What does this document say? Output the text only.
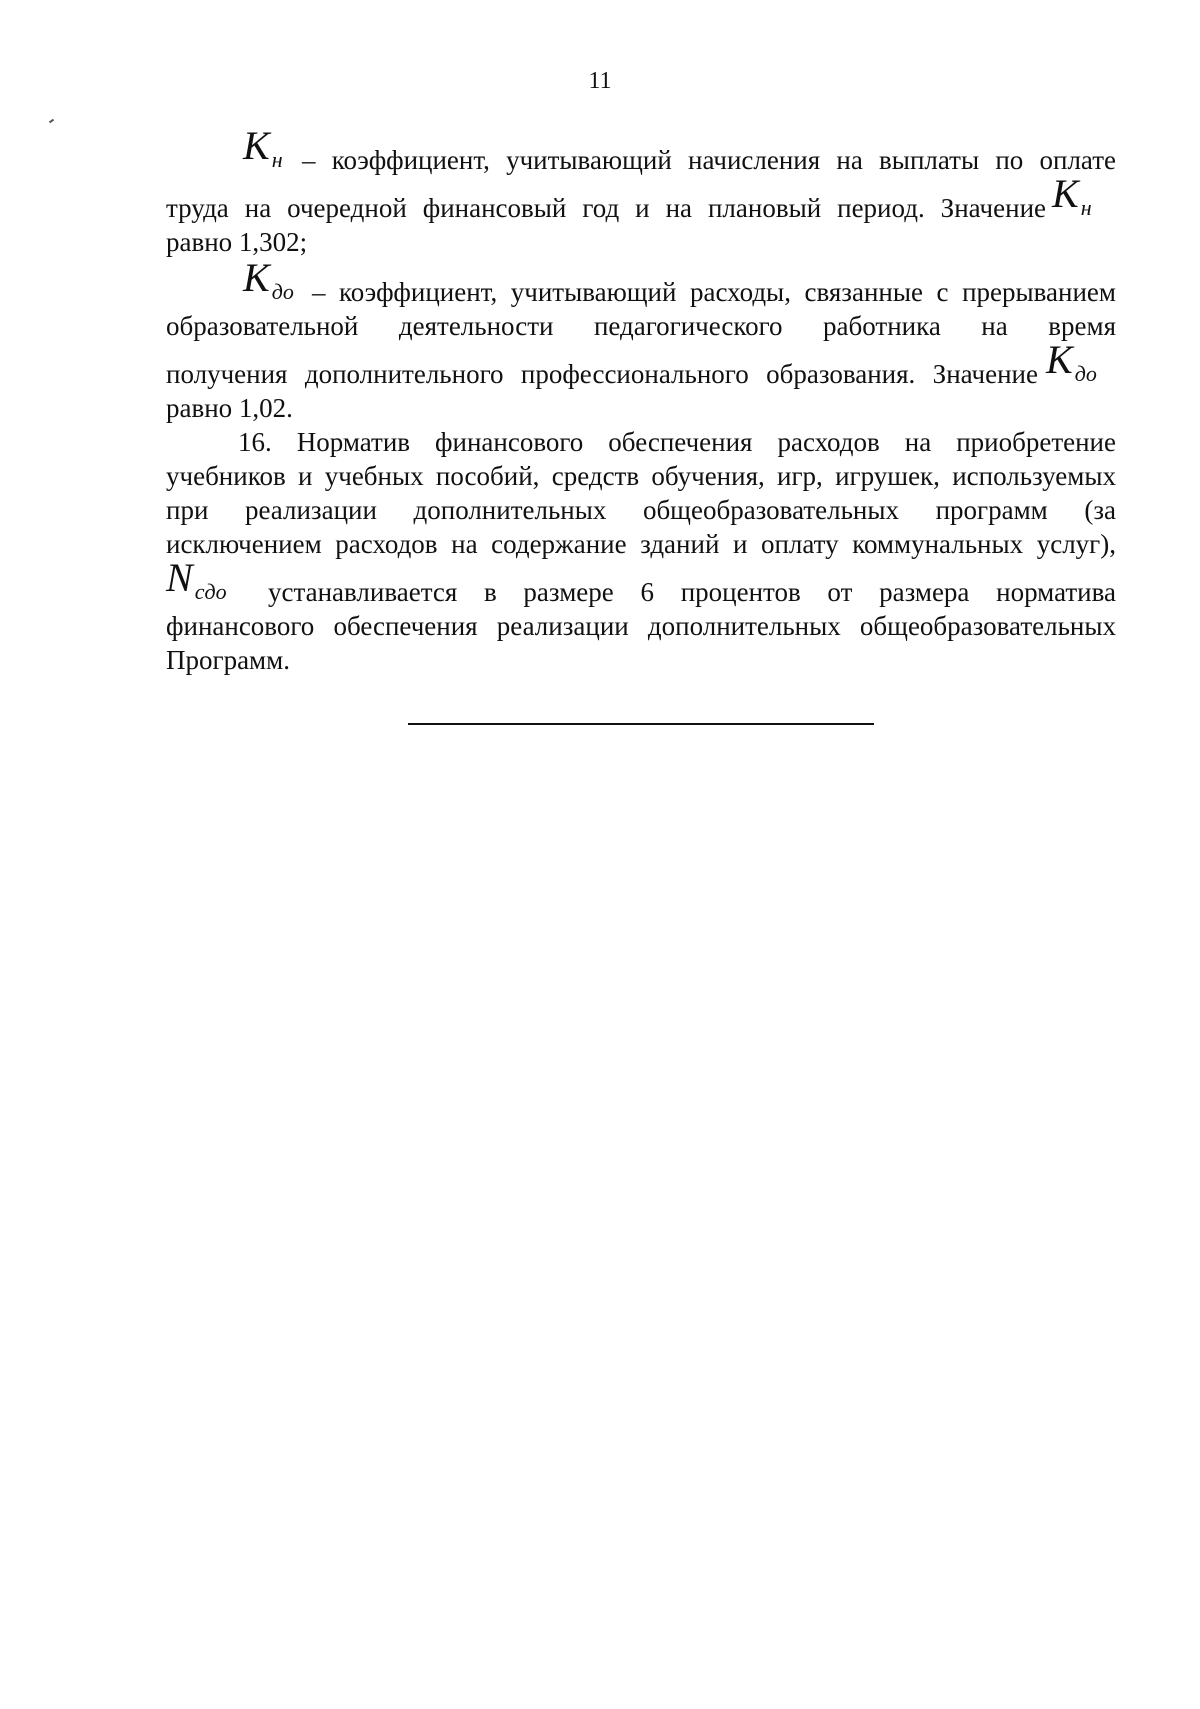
11
$K_н$ – коэффициент, учитывающий начисления на выплаты по оплате
труда на очередной финансовый год и на плановый период. Значение $K_н$
равно 1,302;
$K_{до}$ – коэффициент, учитывающий расходы, связанные с прерыванием
образовательной деятельности педагогического работника на время
получения дополнительного профессионального образования. Значение $K_{до}$
равно 1,02.
16. Норматив финансового обеспечения расходов на приобретение
учебников и учебных пособий, средств обучения, игр, игрушек, используемых
при реализации дополнительных общеобразовательных программ (за
исключением расходов на содержание зданий и оплату коммунальных услуг),
$N_{сдо}$ устанавливается в размере 6 процентов от размера норматива
финансового обеспечения реализации дополнительных общеобразовательных
Программ.
